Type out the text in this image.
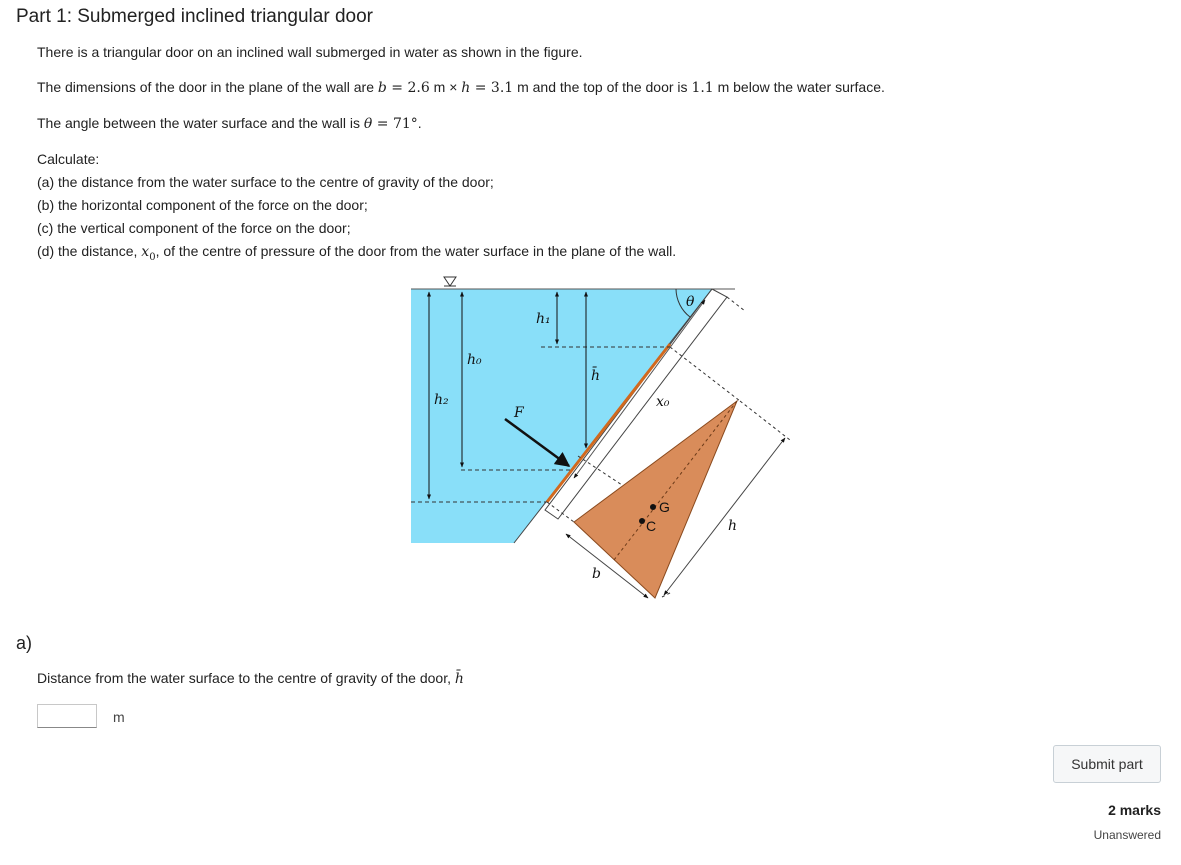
Part 1: Submerged inclined triangular door
There is a triangular door on an inclined wall submerged in water as shown in the figure.
The dimensions of the door in the plane of the wall are b = 2.6 m × h = 3.1 m and the top of the door is 1.1 m below the water surface.
The angle between the water surface and the wall is θ = 71°.
Calculate:
(a) the distance from the water surface to the centre of gravity of the door;
(b) the horizontal component of the force on the door;
(c) the vertical component of the force on the door;
(d) the distance, $x_0$, of the centre of pressure of the door from the water surface in the plane of the wall.
h₁
h₀
h₂
h̄
θ
x₀
F
G
C	h
b
a)
Distance from the water surface to the centre of gravity of the door, h̄
m
Submit part
2 marks
Unanswered
